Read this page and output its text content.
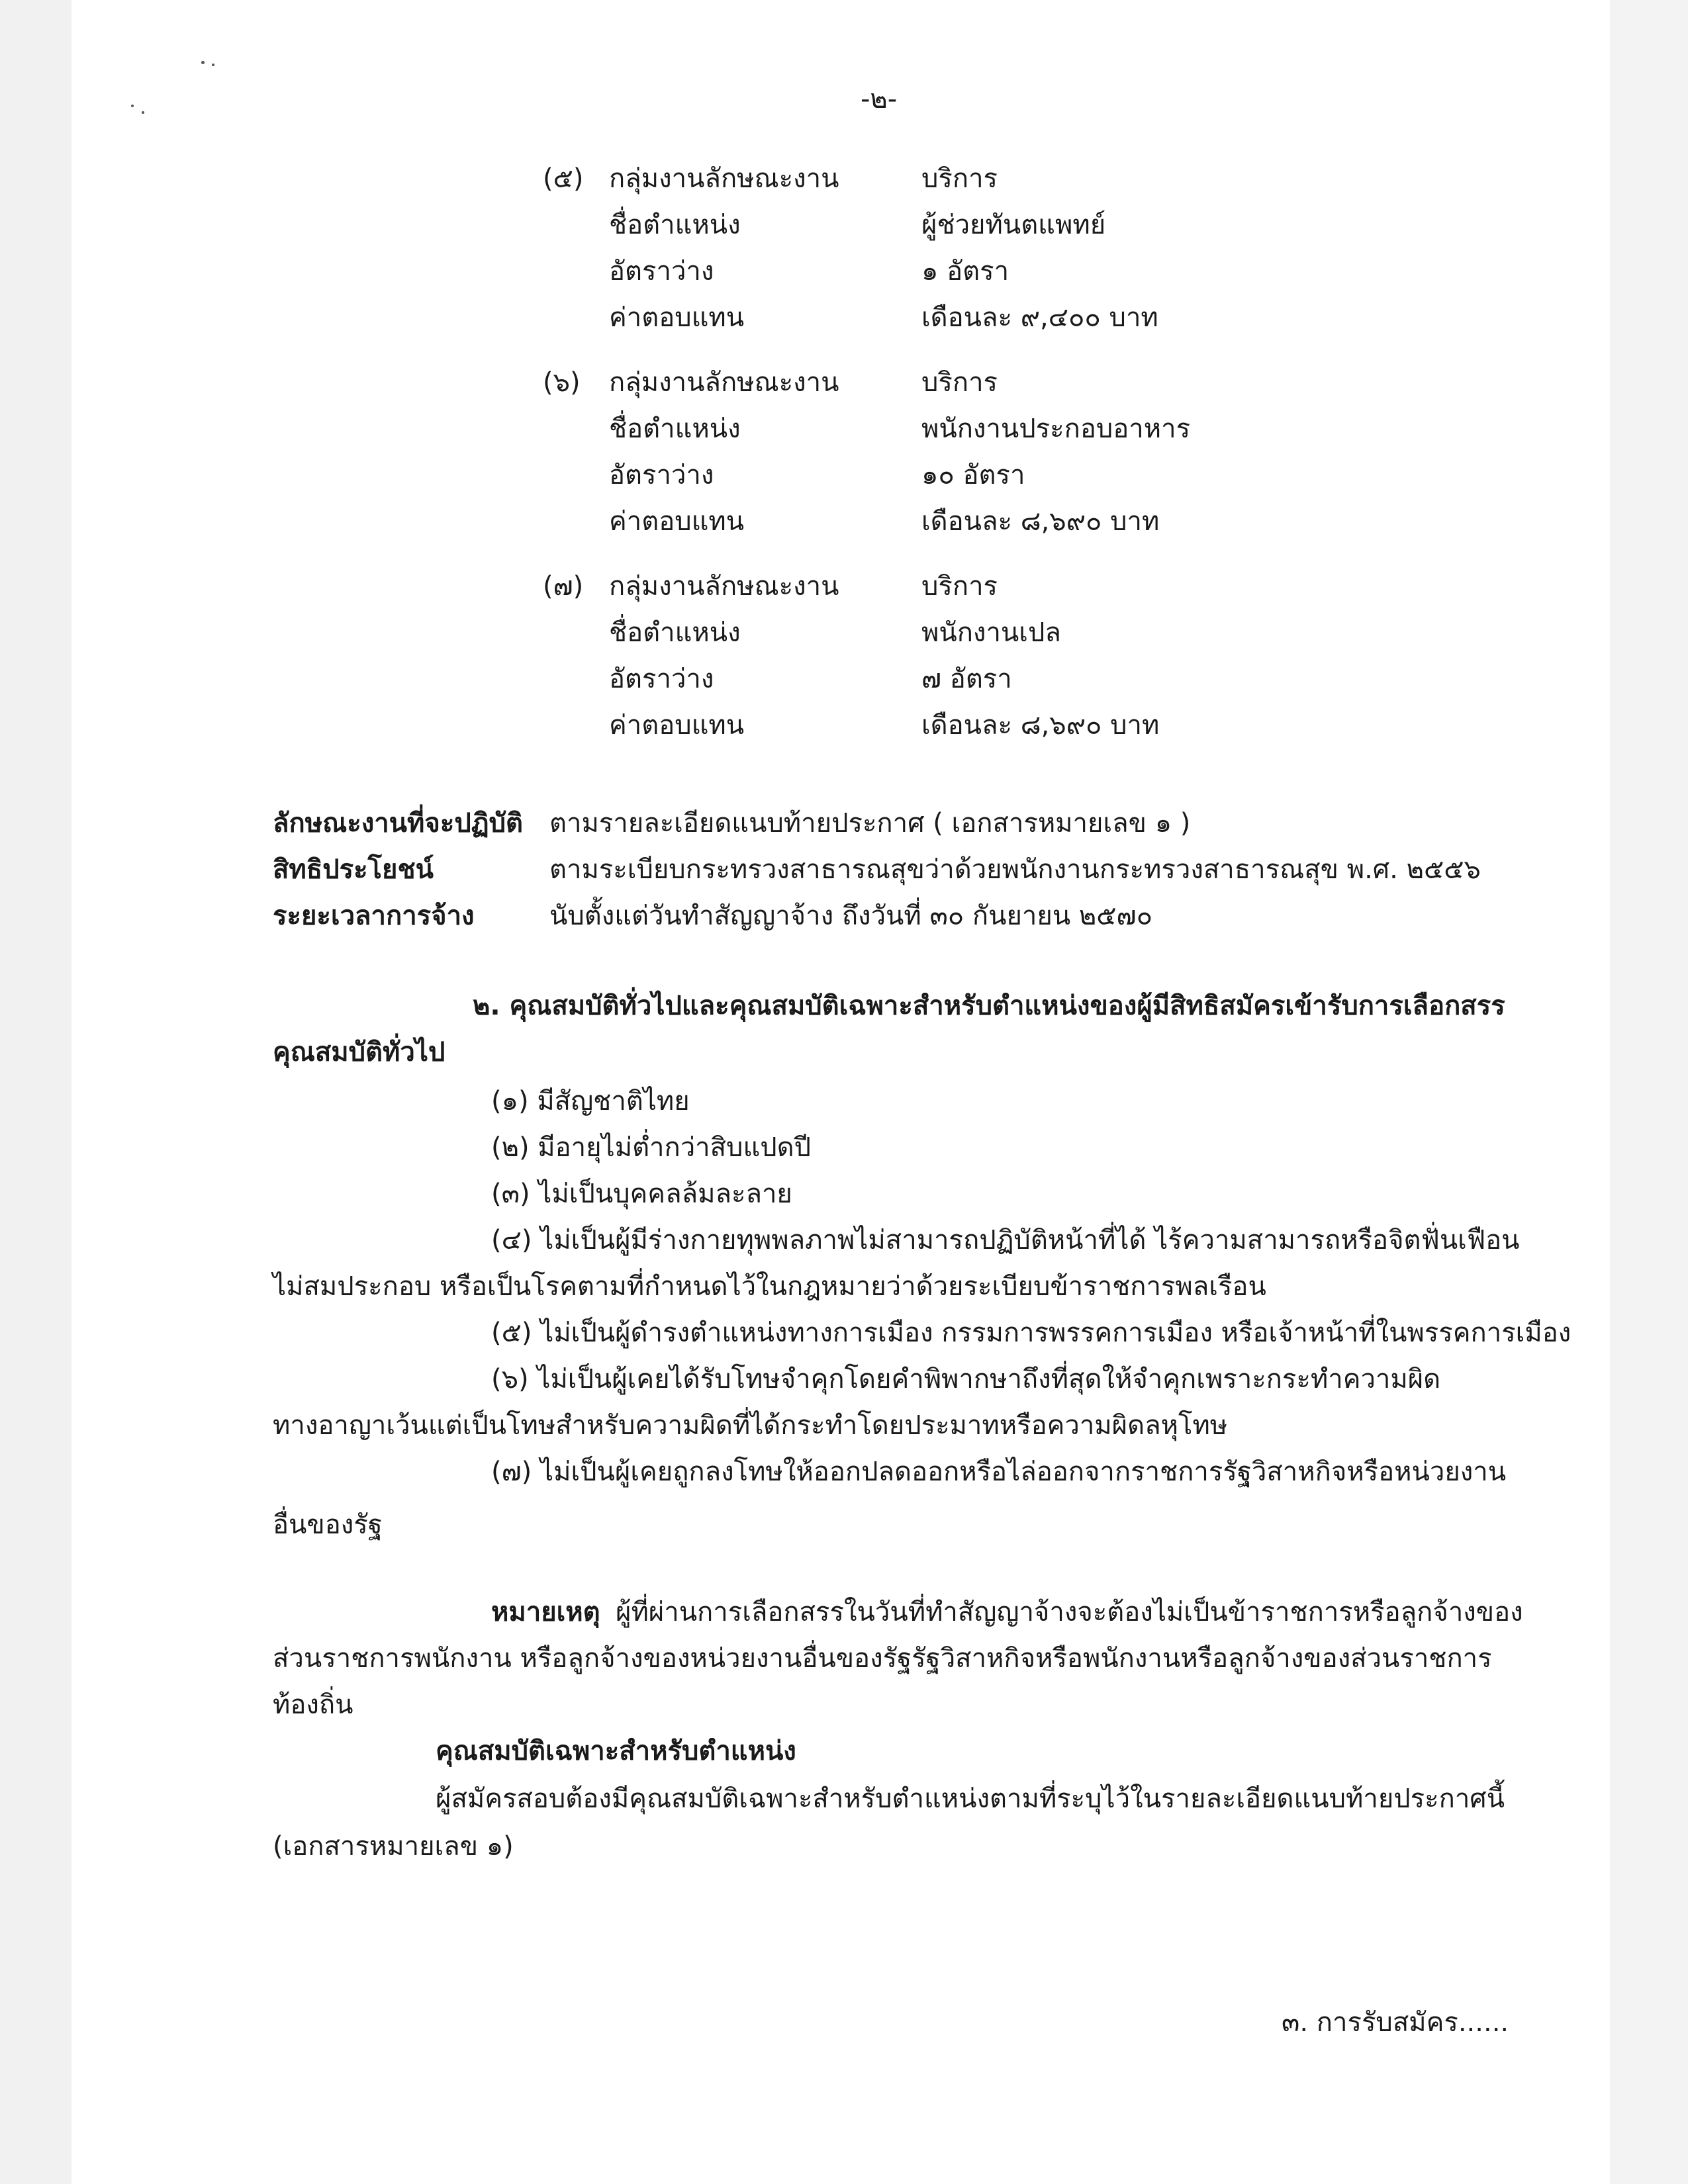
-๒-
(๕) กลุ่มงานลักษณะงาน	บริการ
ชื่อตำแหน่ง	ผู้ช่วยทันตแพทย์
อัตราว่าง	๑ อัตรา
ค่าตอบแทน	เดือนละ ๙,๔๐๐ บาท
(๖) กลุ่มงานลักษณะงาน	บริการ
ชื่อตำแหน่ง	พนักงานประกอบอาหาร
อัตราว่าง	๑๐ อัตรา
ค่าตอบแทน	เดือนละ ๘,๖๙๐ บาท
(๗) กลุ่มงานลักษณะงาน	บริการ
ชื่อตำแหน่ง	พนักงานเปล
อัตราว่าง	๗ อัตรา
ค่าตอบแทน	เดือนละ ๘,๖๙๐ บาท
ลักษณะงานที่จะปฏิบัติ ตามรายละเอียดแนบท้ายประกาศ ( เอกสารหมายเลข ๑ )
สิทธิประโยชน์	ตามระเบียบกระทรวงสาธารณสุขว่าด้วยพนักงานกระทรวงสาธารณสุข พ.ศ. ๒๕๕๖
ระยะเวลาการจ้าง	นับตั้งแต่วันทำสัญญาจ้าง ถึงวันที่ ๓๐ กันยายน ๒๕๗๐
๒. คุณสมบัติทั่วไปและคุณสมบัติเฉพาะสำหรับตำแหน่งของผู้มีสิทธิสมัครเข้ารับการเลือกสรร
คุณสมบัติทั่วไป
(๑) มีสัญชาติไทย
(๒) มีอายุไม่ต่ำกว่าสิบแปดปี
(๓) ไม่เป็นบุคคลล้มละลาย
(๔) ไม่เป็นผู้มีร่างกายทุพพลภาพไม่สามารถปฏิบัติหน้าที่ได้ ไร้ความสามารถหรือจิตฟั่นเฟือน
ไม่สมประกอบ หรือเป็นโรคตามที่กำหนดไว้ในกฎหมายว่าด้วยระเบียบข้าราชการพลเรือน
(๕) ไม่เป็นผู้ดำรงตำแหน่งทางการเมือง กรรมการพรรคการเมือง หรือเจ้าหน้าที่ในพรรคการเมือง
(๖) ไม่เป็นผู้เคยได้รับโทษจำคุกโดยคำพิพากษาถึงที่สุดให้จำคุกเพราะกระทำความผิด
ทางอาญาเว้นแต่เป็นโทษสำหรับความผิดที่ได้กระทำโดยประมาทหรือความผิดลหุโทษ
(๗) ไม่เป็นผู้เคยถูกลงโทษให้ออกปลดออกหรือไล่ออกจากราชการรัฐวิสาหกิจหรือหน่วยงาน
อื่นของรัฐ
หมายเหตุ ผู้ที่ผ่านการเลือกสรรในวันที่ทำสัญญาจ้างจะต้องไม่เป็นข้าราชการหรือลูกจ้างของ
ส่วนราชการพนักงาน หรือลูกจ้างของหน่วยงานอื่นของรัฐรัฐวิสาหกิจหรือพนักงานหรือลูกจ้างของส่วนราชการ
ท้องถิ่น
คุณสมบัติเฉพาะสำหรับตำแหน่ง
ผู้สมัครสอบต้องมีคุณสมบัติเฉพาะสำหรับตำแหน่งตามที่ระบุไว้ในรายละเอียดแนบท้ายประกาศนี้
(เอกสารหมายเลข ๑)
๓. การรับสมัคร......
